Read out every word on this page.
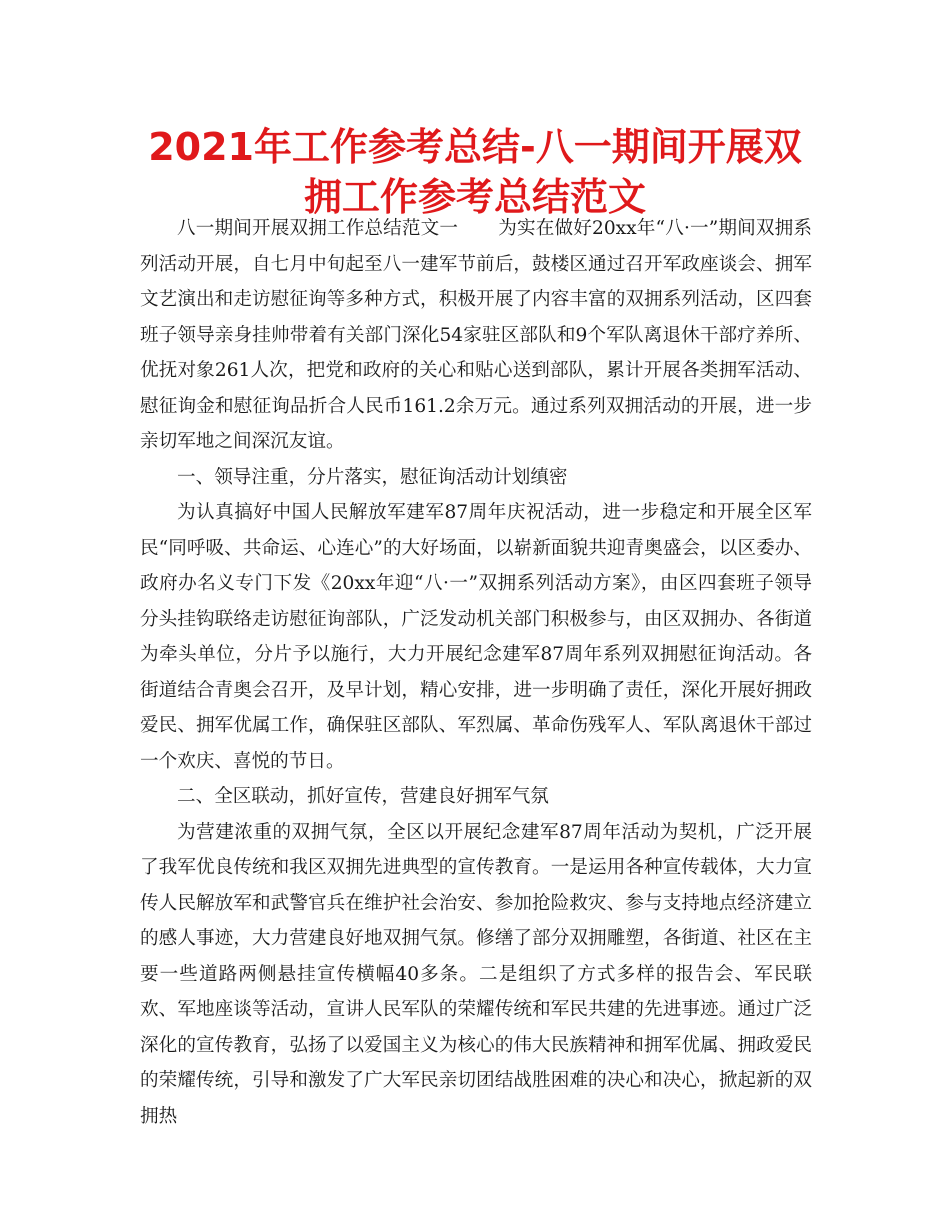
2021年工作参考总结-八一期间开展双拥工作参考总结范文

八一期间开展双拥工作总结范文一 为实在做好20xx年“八·一”期间双拥系列活动开展，自七月中旬起至八一建军节前后，鼓楼区通过召开军政座谈会、拥军文艺演出和走访慰征询等多种方式，积极开展了内容丰富的双拥系列活动，区四套班子领导亲身挂帅带着有关部门深化54家驻区部队和9个军队离退休干部疗养所、优抚对象261人次，把党和政府的关心和贴心送到部队，累计开展各类拥军活动、慰征询金和慰征询品折合人民币161.2余万元。通过系列双拥活动的开展，进一步亲切军地之间深沉友谊。

一、领导注重，分片落实，慰征询活动计划缜密

为认真搞好中国人民解放军建军87周年庆祝活动，进一步稳定和开展全区军民“同呼吸、共命运、心连心”的大好场面，以崭新面貌共迎青奥盛会，以区委办、政府办名义专门下发《20xx年迎“八·一”双拥系列活动方案》，由区四套班子领导分头挂钩联络走访慰征询部队，广泛发动机关部门积极参与，由区双拥办、各街道为牵头单位，分片予以施行，大力开展纪念建军87周年系列双拥慰征询活动。各街道结合青奥会召开，及早计划，精心安排，进一步明确了责任，深化开展好拥政爱民、拥军优属工作，确保驻区部队、军烈属、革命伤残军人、军队离退休干部过一个欢庆、喜悦的节日。

二、全区联动，抓好宣传，营建良好拥军气氛

为营建浓重的双拥气氛，全区以开展纪念建军87周年活动为契机，广泛开展了我军优良传统和我区双拥先进典型的宣传教育。一是运用各种宣传载体，大力宣传人民解放军和武警官兵在维护社会治安、参加抢险救灾、参与支持地点经济建立的感人事迹，大力营建良好地双拥气氛。修缮了部分双拥雕塑，各街道、社区在主要一些道路两侧悬挂宣传横幅40多条。二是组织了方式多样的报告会、军民联欢、军地座谈等活动，宣讲人民军队的荣耀传统和军民共建的先进事迹。通过广泛深化的宣传教育，弘扬了以爱国主义为核心的伟大民族精神和拥军优属、拥政爱民的荣耀传统，引导和激发了广大军民亲切团结战胜困难的决心和决心，掀起新的双拥热
